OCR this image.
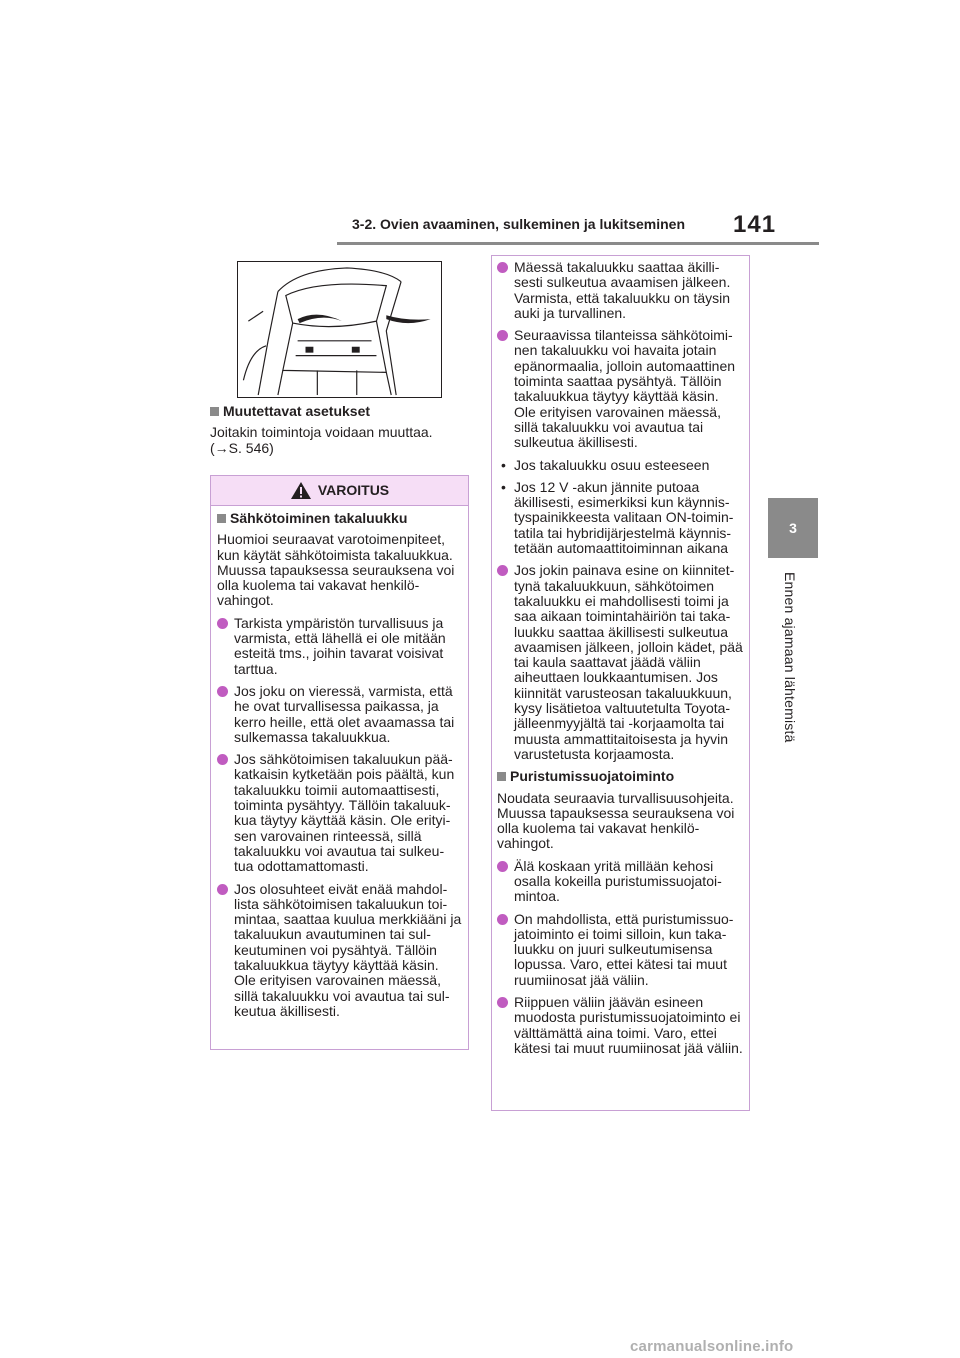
3-2. Ovien avaaminen, sulkeminen ja lukitseminen 141
3
Ennen ajamaan lähtemistä
Muutettavat asetukset
Joitakin toimintoja voidaan muuttaa. (→S. 546)
VAROITUS
Sähkötoiminen takaluukku
Huomioi seuraavat varotoimenpiteet, kun käytät sähkötoimista takaluukkua. Muussa tapauksessa seurauksena voi olla kuolema tai vakavat henkilö-vahingot.
Tarkista ympäristön turvallisuus ja varmista, että lähellä ei ole mitään esteitä tms., joihin tavarat voisivat tarttua.
Jos joku on vieressä, varmista, että he ovat turvallisessa paikassa, ja kerro heille, että olet avaamassa tai sulkemassa takaluukkua.
Jos sähkötoimisen takaluukun pää-katkaisin kytketään pois päältä, kun takaluukku toimii automaattisesti, toiminta pysähtyy. Tällöin takaluuk-kua täytyy käyttää käsin. Ole erityi-sen varovainen rinteessä, sillä takaluukku voi avautua tai sulkeu-tua odottamattomasti.
Jos olosuhteet eivät enää mahdol-lista sähkötoimisen takaluukun toi-mintaa, saattaa kuulua merkkiääni ja takaluukun avautuminen tai sul-keutuminen voi pysähtyä. Tällöin takaluukkua täytyy käyttää käsin. Ole erityisen varovainen mäessä, sillä takaluukku voi avautua tai sul-keutua äkillisesti.
Mäessä takaluukku saattaa äkilli-sesti sulkeutua avaamisen jälkeen. Varmista, että takaluukku on täysin auki ja turvallinen.
Seuraavissa tilanteissa sähkötoimi-nen takaluukku voi havaita jotain epänormaalia, jolloin automaattinen toiminta saattaa pysähtyä. Tällöin takaluukkua täytyy käyttää käsin. Ole erityisen varovainen mäessä, sillä takaluukku voi avautua tai sulkeutua äkillisesti.
• Jos takaluukku osuu esteeseen
• Jos 12 V -akun jännite putoaa äkillisesti, esimerkiksi kun käynnis-tyspainikkeesta valitaan ON-toimin-tatila tai hybridijärjestelmä käynnis-tetään automaattitoiminnan aikana
Jos jokin painava esine on kiinnitet-tynä takaluukkuun, sähkötoimen takaluukku ei mahdollisesti toimi ja saa aikaan toimintahäiriön tai taka-luukku saattaa äkillisesti sulkeutua avaamisen jälkeen, jolloin kädet, pää tai kaula saattavat jäädä väliin aiheuttaen loukkaantumisen. Jos kiinnität varusteosan takaluukkuun, kysy lisätietoa valtuutetulta Toyota-jälleenmyyjältä tai -korjaamolta tai muusta ammattitaitoisesta ja hyvin varustetusta korjaamosta.
Puristumissuojatoiminto
Noudata seuraavia turvallisuusohjeita. Muussa tapauksessa seurauksena voi olla kuolema tai vakavat henkilö-vahingot.
Älä koskaan yritä millään kehosi osalla kokeilla puristumissuojatoi-mintoa.
On mahdollista, että puristumissuo-jatoiminto ei toimi silloin, kun taka-luukku on juuri sulkeutumisensa lopussa. Varo, ettei kätesi tai muut ruumiinosat jää väliin.
Riippuen väliin jäävän esineen muodosta puristumissuojatoiminto ei välttämättä aina toimi. Varo, ettei kätesi tai muut ruumiinosat jää väliin.
carmanualsonline.info
